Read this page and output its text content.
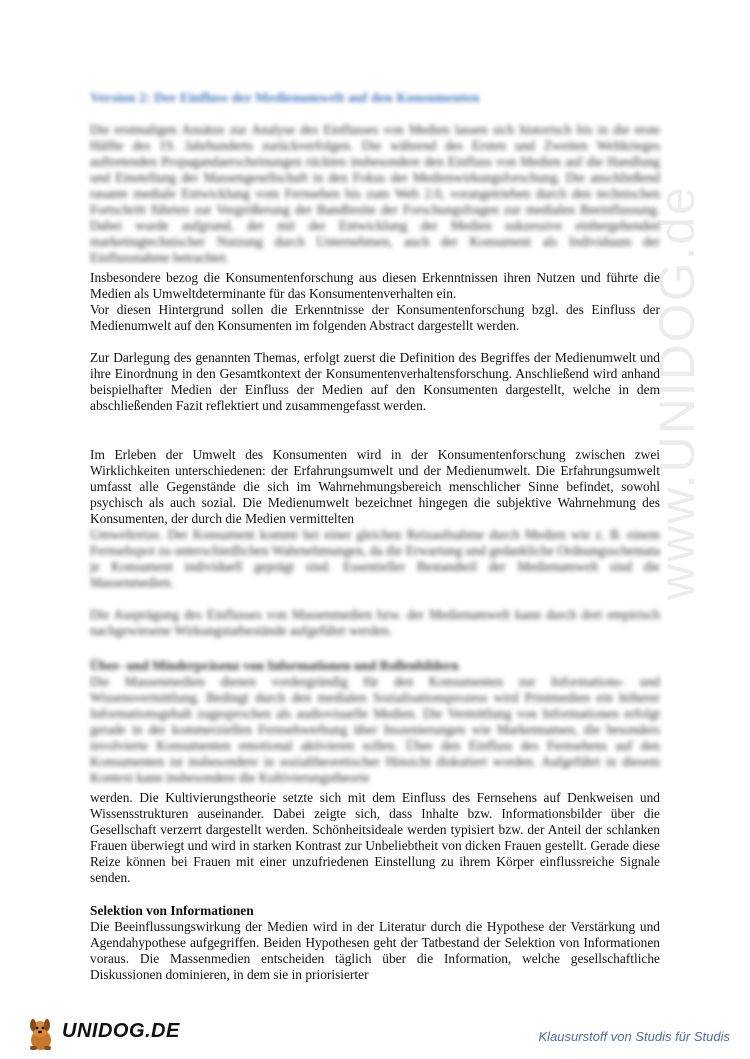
www.UNIDOG.de
Version 2: Der Einfluss der Medienumwelt auf den Konsumenten

Die erstmaligen Ansätze zur Analyse des Einflusses von Medien lassen sich historisch bis in die erste Hälfte des 19. Jahrhunderts zurückverfolgen. Die während des Ersten und Zweiten Weltkrieges auftretenden Propagandaerscheinungen rückten insbesondere den Einfluss von Medien auf die Handlung und Einstellung der Massengesellschaft in den Fokus der Medienwirkungsforschung. Die anschließend rasante mediale Entwicklung vom Fernsehen bis zum Web 2.0, vorangetrieben durch den technischen Fortschritt führten zur Vergrößerung der Bandbreite der Forschungsfragen zur medialen Beeinflussung. Dabei wurde aufgrund, der mit der Entwicklung der Medien sukzessive einhergehenden marketingtechnischer Nutzung durch Unternehmen, auch der Konsument als Individuum der Einflussnahme betrachtet.

Insbesondere bezog die Konsumentenforschung aus diesen Erkenntnissen ihren Nutzen und führte die Medien als Umweltdeterminante für das Konsumentenverhalten ein.

Vor diesen Hintergrund sollen die Erkenntnisse der Konsumentenforschung bzgl. des Einfluss der Medienumwelt auf den Konsumenten im folgenden Abstract dargestellt werden.

Zur Darlegung des genannten Themas, erfolgt zuerst die Definition des Begriffes der Medienumwelt und ihre Einordnung in den Gesamtkontext der Konsumentenverhaltensforschung. Anschließend wird anhand beispielhafter Medien der Einfluss der Medien auf den Konsumenten dargestellt, welche in dem abschließenden Fazit reflektiert und zusammengefasst werden.

Im Erleben der Umwelt des Konsumenten wird in der Konsumentenforschung zwischen zwei Wirklichkeiten unterschiedenen: der Erfahrungsumwelt und der Medienumwelt. Die Erfahrungsumwelt umfasst alle Gegenstände die sich im Wahrnehmungsbereich menschlicher Sinne befindet, sowohl psychisch als auch sozial. Die Medienumwelt bezeichnet hingegen die subjektive Wahrnehmung des Konsumenten, der durch die Medien vermittelten

Umweltreize. Der Konsument kommt bei einer gleichen Reizaufnahme durch Medien wie z. B. einem Fernsehspot zu unterschiedlichen Wahrnehmungen, da die Erwartung und gedankliche Ordnungsschemata je Konsument individuell geprägt sind. Essentieller Bestandteil der Medienumwelt sind die Massenmedien.

Die Ausprägung des Einflusses von Massenmedien bzw. der Medienumwelt kann durch drei empirisch nachgewiesene Wirkungstatbestände aufgeführt werden.

Über- und Minderpräsenz von Informationen und Rollenbildern

Die Massenmedien dienen vordergründig für den Konsumenten zur Informations- und Wissensvermittlung. Bedingt durch den medialen Sozialisationsprozess wird Printmedien ein höherer Informationsgehalt zugesprochen als audiovisuelle Medien. Die Vermittlung von Informationen erfolgt gerade in der kommerziellen Fernsehwerbung über Inszenierungen wie Markennamen, die besonders involvierte Konsumenten emotional aktivieren sollen. Über den Einfluss des Fernsehens auf den Konsumenten ist insbesondere in sozialtheoretischer Hinsicht diskutiert worden. Aufgeführt in diesem Kontext kann insbesondere die Kultivierungstheorie

werden. Die Kultivierungstheorie setzte sich mit dem Einfluss des Fernsehens auf Denkweisen und Wissensstrukturen auseinander. Dabei zeigte sich, dass Inhalte bzw. Informationsbilder über die Gesellschaft verzerrt dargestellt werden. Schönheitsideale werden typisiert bzw. der Anteil der schlanken Frauen überwiegt und wird in starken Kontrast zur Unbeliebtheit von dicken Frauen gestellt. Gerade diese Reize können bei Frauen mit einer unzufriedenen Einstellung zu ihrem Körper einflussreiche Signale senden.

Selektion von Informationen

Die Beeinflussungswirkung der Medien wird in der Literatur durch die Hypothese der Verstärkung und Agendahypothese aufgegriffen. Beiden Hypothesen geht der Tatbestand der Selektion von Informationen voraus. Die Massenmedien entscheiden täglich über die Information, welche gesellschaftliche Diskussionen dominieren, in dem sie in priorisierter

UNIDOG.DE	Klausurstoff von Studis für Studis
